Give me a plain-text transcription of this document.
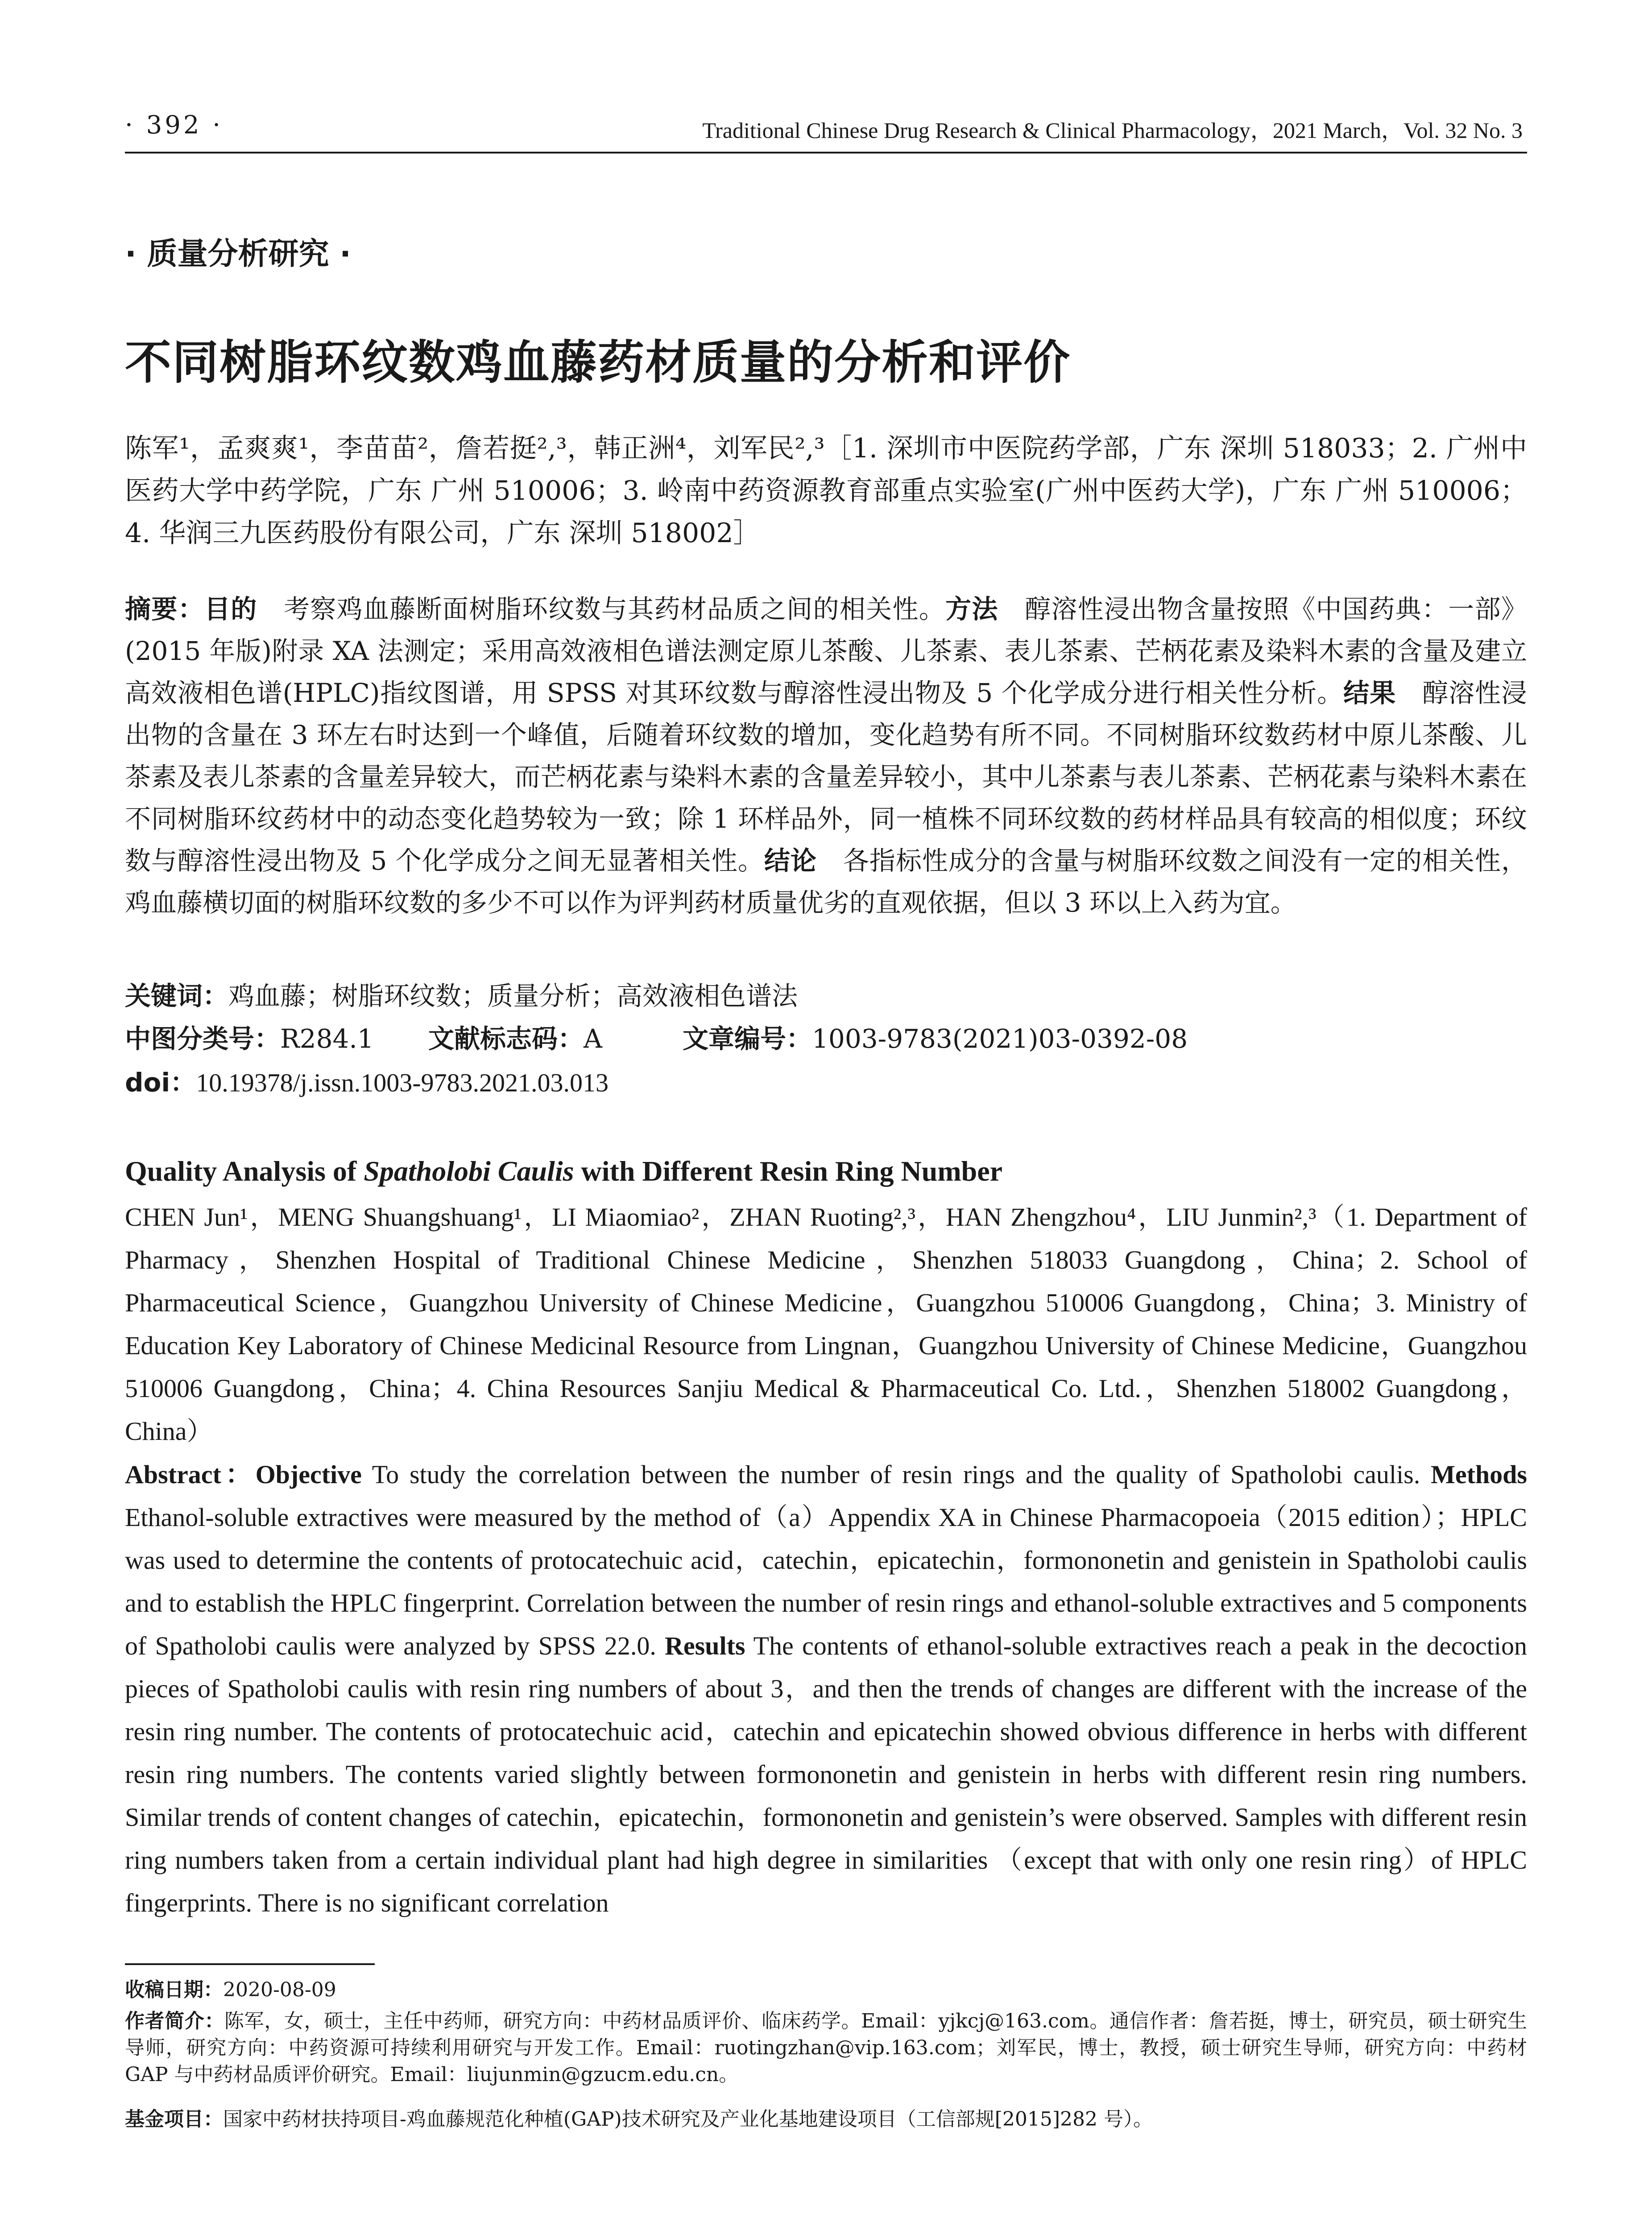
· 392 ·	Traditional Chinese Drug Research & Clinical Pharmacology，2021 March，Vol. 32 No. 3
· 质量分析研究 ·
不同树脂环纹数鸡血藤药材质量的分析和评价

陈军¹，孟爽爽¹，李苗苗²，詹若挺²,³，韩正洲⁴，刘军民²,³［1. 深圳市中医院药学部，广东 深圳 518033；2. 广州中医药大学中药学院，广东 广州 510006；3. 岭南中药资源教育部重点实验室(广州中医药大学)，广东 广州 510006；4. 华润三九医药股份有限公司，广东 深圳 518002］

摘要：目的　 考察鸡血藤断面树脂环纹数与其药材品质之间的相关性。方法　 醇溶性浸出物含量按照《中国药典：一部》(2015 年版)附录 XA 法测定；采用高效液相色谱法测定原儿茶酸、儿茶素、表儿茶素、芒柄花素及染料木素的含量及建立高效液相色谱(HPLC)指纹图谱，用 SPSS 对其环纹数与醇溶性浸出物及 5 个化学成分进行相关性分析。结果　 醇溶性浸出物的含量在 3 环左右时达到一个峰值，后随着环纹数的增加，变化趋势有所不同。不同树脂环纹数药材中原儿茶酸、儿茶素及表儿茶素的含量差异较大，而芒柄花素与染料木素的含量差异较小，其中儿茶素与表儿茶素、芒柄花素与染料木素在不同树脂环纹药材中的动态变化趋势较为一致；除 1 环样品外，同一植株不同环纹数的药材样品具有较高的相似度；环纹数与醇溶性浸出物及 5 个化学成分之间无显著相关性。结论　 各指标性成分的含量与树脂环纹数之间没有一定的相关性，鸡血藤横切面的树脂环纹数的多少不可以作为评判药材质量优劣的直观依据，但以 3 环以上入药为宜。

关键词：鸡血藤；树脂环纹数；质量分析；高效液相色谱法

中图分类号：R284.1 文献标志码：A	文章编号：1003-9783(2021)03-0392-08

doi：10.19378/j.issn.1003-9783.2021.03.013

Quality Analysis of Spatholobi Caulis with Different Resin Ring Number

CHEN Jun¹，MENG Shuangshuang¹，LI Miaomiao²，ZHAN Ruoting²,³，HAN Zhengzhou⁴，LIU Junmin²,³（1. Department of Pharmacy，Shenzhen Hospital of Traditional Chinese Medicine，Shenzhen 518033 Guangdong，China；2. School of Pharmaceutical Science，Guangzhou University of Chinese Medicine，Guangzhou 510006 Guangdong，China；3. Ministry of Education Key Laboratory of Chinese Medicinal Resource from Lingnan，Guangzhou University of Chinese Medicine，Guangzhou 510006 Guangdong，China；4. China Resources Sanjiu Medical & Pharmaceutical Co. Ltd.，Shenzhen 518002 Guangdong，China）

Abstract：Objective To study the correlation between the number of resin rings and the quality of Spatholobi caulis. Methods Ethanol-soluble extractives were measured by the method of（a）Appendix XA in Chinese Pharmacopoeia（2015 edition）；HPLC was used to determine the contents of protocatechuic acid，catechin，epicatechin，formononetin and genistein in Spatholobi caulis and to establish the HPLC fingerprint. Correlation between the number of resin rings and ethanol-soluble extractives and 5 components of Spatholobi caulis were analyzed by SPSS 22.0. Results The contents of ethanol-soluble extractives reach a peak in the decoction pieces of Spatholobi caulis with resin ring numbers of about 3，and then the trends of changes are different with the increase of the resin ring number. The contents of protocatechuic acid，catechin and epicatechin showed obvious difference in herbs with different resin ring numbers. The contents varied slightly between formononetin and genistein in herbs with different resin ring numbers. Similar trends of content changes of catechin，epicatechin，formononetin and genistein’s were observed. Samples with different resin ring numbers taken from a certain individual plant had high degree in similarities （except that with only one resin ring）of HPLC fingerprints. There is no significant correlation

收稿日期：2020-08-09

作者简介：陈军，女，硕士，主任中药师，研究方向：中药材品质评价、临床药学。Email：yjkcj@163.com。通信作者：詹若挺，博士，研究员，硕士研究生导师，研究方向：中药资源可持续利用研究与开发工作。Email：ruotingzhan@vip.163.com；刘军民，博士，教授，硕士研究生导师，研究方向：中药材 GAP 与中药材品质评价研究。Email：liujunmin@gzucm.edu.cn。

基金项目：国家中药材扶持项目-鸡血藤规范化种植(GAP)技术研究及产业化基地建设项目（工信部规[2015]282 号）。
